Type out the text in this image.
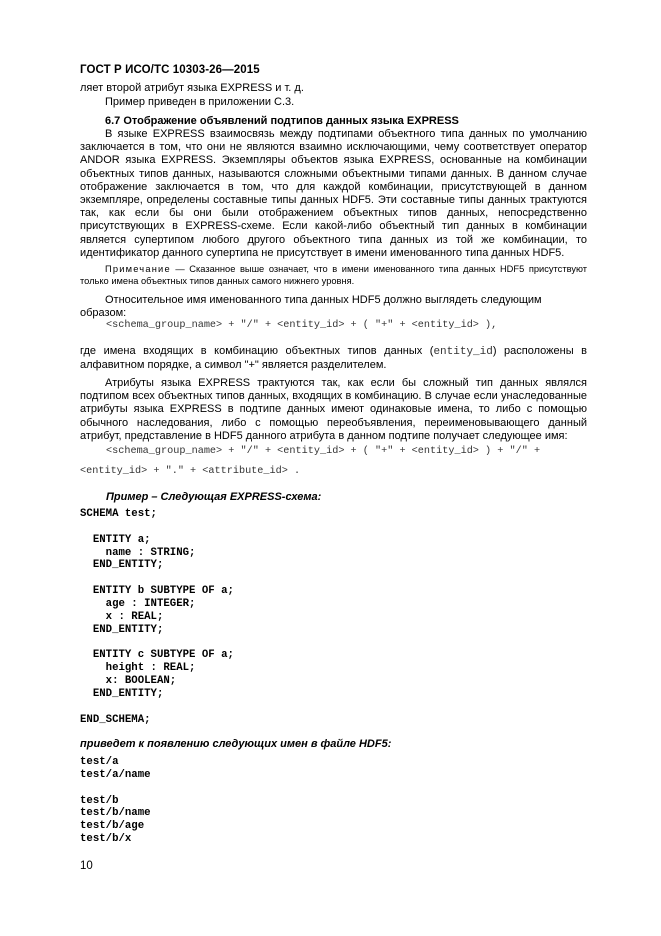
ГОСТ Р ИСО/ТС 10303-26—2015
ляет второй атрибут языка EXPRESS и т. д.
Пример приведен в приложении С.3.
6.7 Отображение объявлений подтипов данных языка EXPRESS
В языке EXPRESS взаимосвязь между подтипами объектного типа данных по умолчанию заключается в том, что они не являются взаимно исключающими, чему соответствует оператор ANDOR языка EXPRESS. Экземпляры объектов языка EXPRESS, основанные на комбинации объектных типов данных, называются сложными объектными типами данных. В данном случае отображение заключается в том, что для каждой комбинации, присутствующей в данном экземпляре, определены составные типы данных HDF5. Эти составные типы данных трактуются так, как если бы они были отображением объектных типов данных, непосредственно присутствующих в EXPRESS-схеме. Если какой-либо объектный тип данных в комбинации является супертипом любого другого объектного типа данных из той же комбинации, то идентификатор данного супертипа не присутствует в имени именованного типа данных HDF5.
Примечание — Сказанное выше означает, что в имени именованного типа данных HDF5 присутствуют только имена объектных типов данных самого нижнего уровня.
Относительное имя именованного типа данных HDF5 должно выглядеть следующим образом:
<schema_group_name> + "/" + <entity_id> + ( "+" + <entity_id> ),
где имена входящих в комбинацию объектных типов данных (entity_id) расположены в алфавитном порядке, а символ "+" является разделителем.
Атрибуты языка EXPRESS трактуются так, как если бы сложный тип данных являлся подтипом всех объектных типов данных, входящих в комбинацию. В случае если унаследованные атрибуты языка EXPRESS в подтипе данных имеют одинаковые имена, то либо с помощью обычного наследования, либо с помощью переобъявления, переименовывающего данный атрибут, представление в HDF5 данного атрибута в данном подтипе получает следующее имя:
<schema_group_name> + "/" + <entity_id> + ( "+" + <entity_id> ) + "/" +
<entity_id> + "." + <attribute_id> .
Пример – Следующая EXPRESS-схема:
SCHEMA test;

ENTITY a;
name : STRING;
END_ENTITY;

ENTITY b SUBTYPE OF a;
age : INTEGER;
x : REAL;
END_ENTITY;

ENTITY c SUBTYPE OF a;
height : REAL;
x: BOOLEAN;
END_ENTITY;

END_SCHEMA;
приведет к появлению следующих имен в файле HDF5:
test/a
test/a/name

test/b
test/b/name
test/b/age
test/b/x
10
